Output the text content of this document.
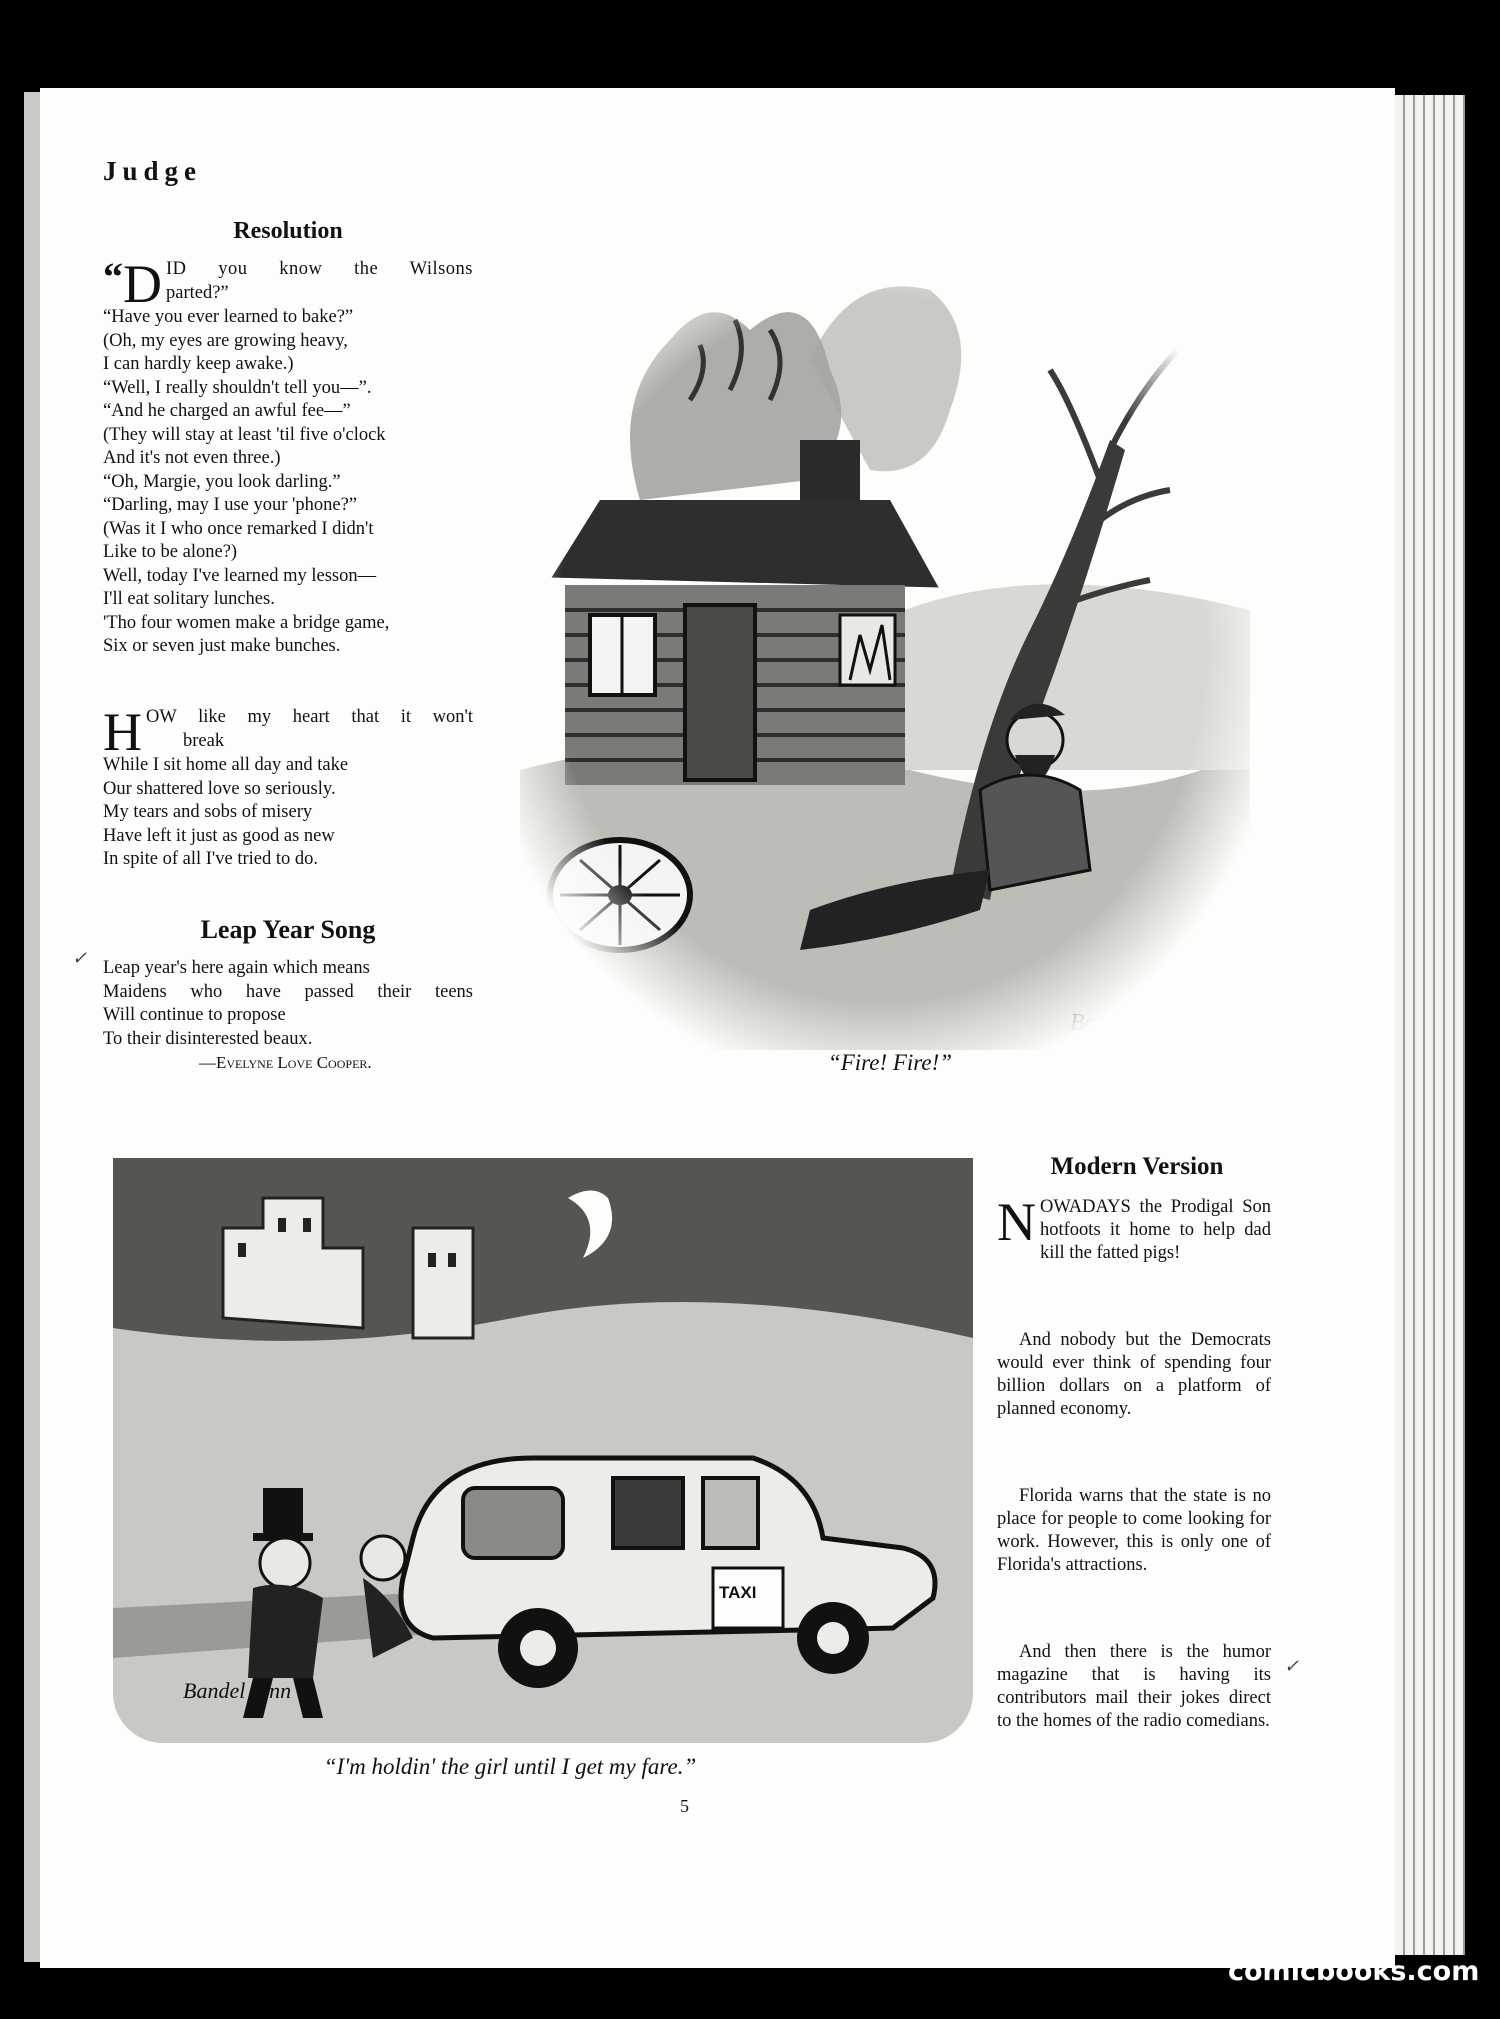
Judge
Resolution
“ D ID you know the Wilsons

parted?”

“Have you ever learned to bake?”

(Oh, my eyes are growing heavy,

I can hardly keep awake.)

“Well, I really shouldn't tell you—”.

“And he charged an awful fee—”

(They will stay at least 'til five o'clock

And it's not even three.)

“Oh, Margie, you look darling.”

“Darling, may I use your 'phone?”

(Was it I who once remarked I didn't

Like to be alone?)

Well, today I've learned my lesson—

I'll eat solitary lunches.

'Tho four women make a bridge game,

Six or seven just make bunches.

H OW like my heart that it won't

break

While I sit home all day and take

Our shattered love so seriously.

My tears and sobs of misery

Have left it just as good as new

In spite of all I've tried to do.

Leap Year Song

Leap year's here again which means

Maidens who have passed their teens

Will continue to propose

To their disinterested beaux.

—Evelyne Love Cooper.

✓
“Fire! Fire!”
TAXI
Bandel Linn
“I'm holdin' the girl until I get my fare.”
Modern Version

N OWADAYS the Prodigal Son hotfoots it home to help dad kill the fatted pigs!

And nobody but the Democrats would ever think of spending four billion dollars on a platform of planned economy.

Florida warns that the state is no place for people to come looking for work. However, this is only one of Florida's attractions.

And then there is the humor magazine that is having its contributors mail their jokes direct to the homes of the radio comedians.

✓
5
comicbooks.com
